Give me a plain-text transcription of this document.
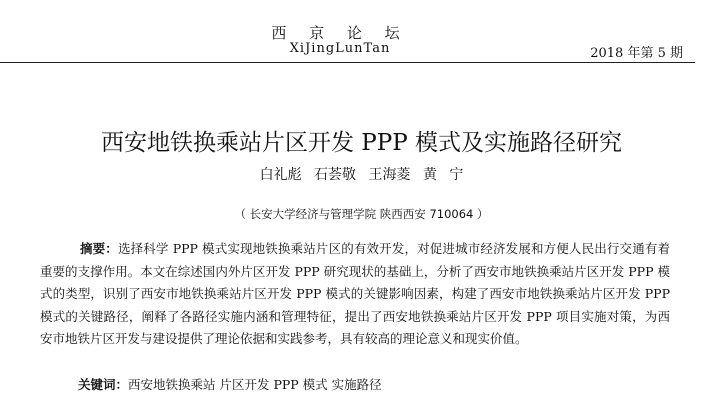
西 京 论 坛
XiJingLunTan	2018 年第 5 期
西安地铁换乘站片区开发 PPP 模式及实施路径研究
白礼彪 石荟敬 王海菱 黄 宁
（ 长安大学经济与管理学院 陕西西安 710064 ）
摘要：选择科学 PPP 模式实现地铁换乘站片区的有效开发，对促进城市经济发展和方便人民出行交通有着重要的支撑作用。本文在综述国内外片区开发 PPP 研究现状的基础上，分析了西安市地铁换乘站片区开发 PPP 模式的类型，识别了西安市地铁换乘站片区开发 PPP 模式的关键影响因素，构建了西安市地铁换乘站片区开发 PPP 模式的关键路径，阐释了各路径实施内涵和管理特征，提出了西安地铁换乘站片区开发 PPP 项目实施对策，为西安市地铁片区开发与建设提供了理论依据和实践参考，具有较高的理论意义和现实价值。
关键词：西安地铁换乘站 片区开发 PPP 模式 实施路径
